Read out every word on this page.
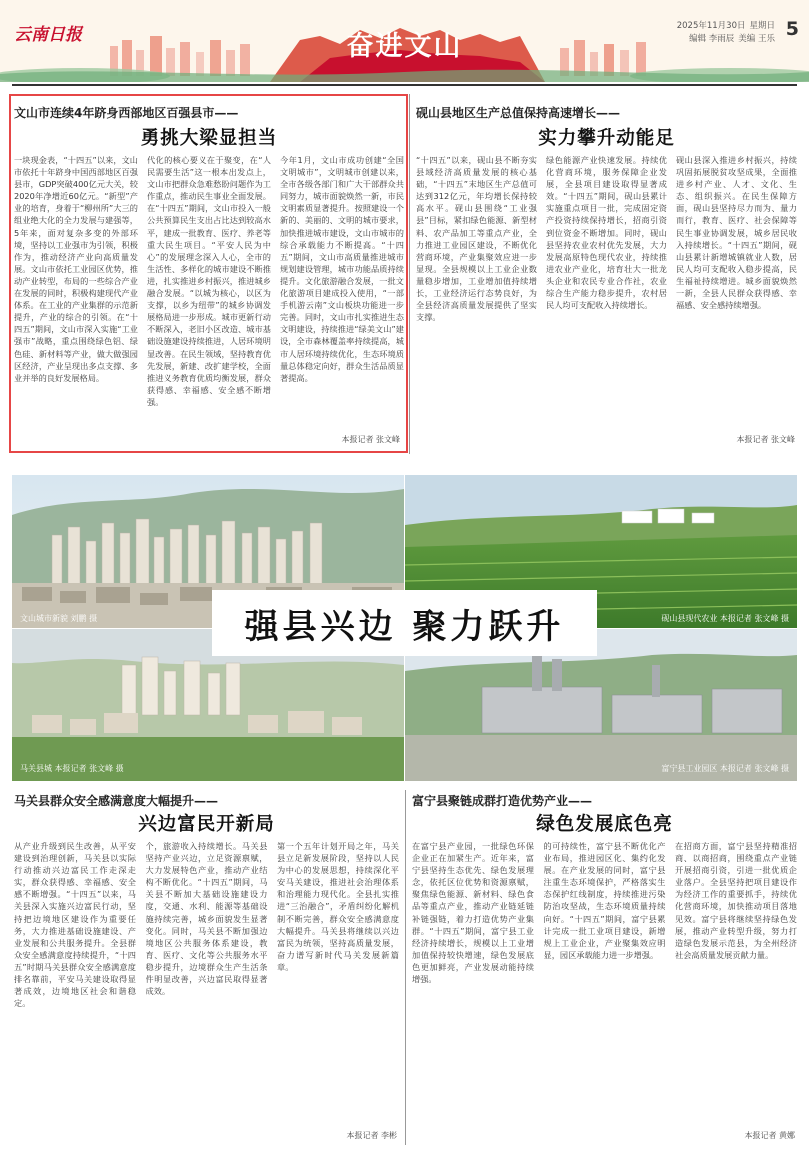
云南日报	奋进文山
2025年11月30日 星期日
编辑 李雨辰 美编 王乐 5
文山市连续4年跻身西部地区百强县市——
勇挑大梁显担当
一块现金表，“十四五”以来，文山市依托十年跻身中国西部地区百强县市，GDP突破400亿元大关，较2020年净增近60亿元。“新型”产业的培育，身着于“柳州所”大三的组业绝大化的全力发展与建强等，5年来，面对复杂多变的外部环境，坚持以工业强市为引领，积极作为，推动经济产业向高质量发展。文山市依托工业园区优势，推动产业转型，布局的一些综合产业在发展的同时，积极构建现代产业体系。在工业的产业集群的示范新提升，产业的综合的引领。在“十四五”期间，文山市深入实施“工业强市”战略，重点围绕绿色铝、绿色硅、新材料等产业，做大做强园区经济，产业呈现出多点支撑、多业并举的良好发展格局。
代化的核心要义在于聚变，在“人民需要生活”这一根本出发点上，文山市把群众急难愁盼问题作为工作重点，推动民生事业全面发展。在“十四五”期间，文山市投入一般公共预算民生支出占比达到较高水平，建成一批教育、医疗、养老等重大民生项目。“平安人民为中心”的发展理念深入人心，全市的生活性、多样化的城市建设不断推进，扎实推进乡村振兴，推进城乡融合发展。“以城为核心，以区为支撑，以乡为纽带”的城乡协调发展格局进一步形成。城市更新行动不断深入，老旧小区改造、城市基础设施建设持续推进，人居环境明显改善。在民生领域，坚持教育优先发展，新建、改扩建学校，全面推进义务教育优质均衡发展，群众获得感、幸福感、安全感不断增强。
今年1月，文山市成功创建“全国文明城市”，文明城市创建以来，全市各级各部门和广大干部群众共同努力，城市面貌焕然一新，市民文明素质显著提升。按照建设一个新的、美丽的、文明的城市要求，加快推进城市建设，文山市城市的综合承载能力不断提高。“十四五”期间，文山市高质量推进城市规划建设管理，城市功能品质持续提升。文化旅游融合发展，一批文化旅游项目建成投入使用，“一部手机游云南”文山板块功能进一步完善。同时，文山市扎实推进生态文明建设，持续推进“绿美文山”建设，全市森林覆盖率持续提高，城市人居环境持续优化，生态环境质量总体稳定向好，群众生活品质显著提高。
本报记者 张文峰
砚山县地区生产总值保持高速增长——
实力攀升动能足
“十四五”以来，砚山县不断夯实县域经济高质量发展的核心基础，“十四五”末地区生产总值可达到312亿元，年均增长保持较高水平。砚山县围绕“工业强县”目标，紧扣绿色能源、新型材料、农产品加工等重点产业，全力推进工业园区建设，不断优化营商环境，产业集聚效应进一步显现。全县规模以上工业企业数量稳步增加，工业增加值持续增长，工业经济运行态势良好，为全县经济高质量发展提供了坚实支撑。
绿色能源产业快速发展。持续优化营商环境，服务保障企业发展，全县项目建设取得显著成效。“十四五”期间，砚山县累计实施重点项目一批，完成固定资产投资持续保持增长，招商引资到位资金不断增加。同时，砚山县坚持农业农村优先发展，大力发展高原特色现代农业，持续推进农业产业化，培育壮大一批龙头企业和农民专业合作社，农业综合生产能力稳步提升，农村居民人均可支配收入持续增长。
砚山县深入推进乡村振兴，持续巩固拓展脱贫攻坚成果，全面推进乡村产业、人才、文化、生态、组织振兴。在民生保障方面，砚山县坚持尽力而为、量力而行，教育、医疗、社会保障等民生事业协调发展，城乡居民收入持续增长。“十四五”期间，砚山县累计新增城镇就业人数，居民人均可支配收入稳步提高，民生福祉持续增进。城乡面貌焕然一新，全县人民群众获得感、幸福感、安全感持续增强。
本报记者 张文峰
文山城市新貌 刘鹏 摄	砚山县现代农业 本报记者 张文峰 摄
马关县城 本报记者 张文峰 摄	富宁县工业园区 本报记者 张文峰 摄
强县兴边 聚力跃升
马关县群众安全感满意度大幅提升——
兴边富民开新局
从产业升级到民生改善，从平安建设到治理创新，马关县以实际行动推动兴边富民工作走深走实，群众获得感、幸福感、安全感不断增强。“十四五”以来，马关县深入实施兴边富民行动，坚持把边境地区建设作为重要任务，大力推进基础设施建设、产业发展和公共服务提升。全县群众安全感满意度持续提升，“十四五”时期马关县群众安全感满意度排名靠前，平安马关建设取得显著成效，边境地区社会和谐稳定。
个，旅游收入持续增长。马关县坚持产业兴边，立足资源禀赋，大力发展特色产业，推动产业结构不断优化。“十四五”期间，马关县不断加大基础设施建设力度，交通、水利、能源等基础设施持续完善，城乡面貌发生显著变化。同时，马关县不断加强边境地区公共服务体系建设，教育、医疗、文化等公共服务水平稳步提升，边境群众生产生活条件明显改善，兴边富民取得显著成效。
第一个五年计划开局之年，马关县立足新发展阶段，坚持以人民为中心的发展思想，持续深化平安马关建设，推进社会治理体系和治理能力现代化。全县扎实推进“三治融合”，矛盾纠纷化解机制不断完善，群众安全感满意度大幅提升。马关县将继续以兴边富民为统领，坚持高质量发展，奋力谱写新时代马关发展新篇章。
本报记者 李彬
富宁县聚链成群打造优势产业——
绿色发展底色亮
在富宁县产业园，一批绿色环保企业正在加紧生产。近年来，富宁县坚持生态优先、绿色发展理念，依托区位优势和资源禀赋，聚焦绿色能源、新材料、绿色食品等重点产业，推动产业链延链补链强链，着力打造优势产业集群。“十四五”期间，富宁县工业经济持续增长，规模以上工业增加值保持较快增速，绿色发展底色更加鲜亮，产业发展动能持续增强。
的可持续性，富宁县不断优化产业布局，推进园区化、集约化发展。在产业发展的同时，富宁县注重生态环境保护，严格落实生态保护红线制度，持续推进污染防治攻坚战，生态环境质量持续向好。“十四五”期间，富宁县累计完成一批工业项目建设，新增规上工业企业，产业聚集效应明显，园区承载能力进一步增强。
在招商方面，富宁县坚持精准招商、以商招商，围绕重点产业链开展招商引资，引进一批优质企业落户。全县坚持把项目建设作为经济工作的重要抓手，持续优化营商环境，加快推动项目落地见效。富宁县将继续坚持绿色发展，推动产业转型升级，努力打造绿色发展示范县，为全州经济社会高质量发展贡献力量。
本报记者 黄娜
